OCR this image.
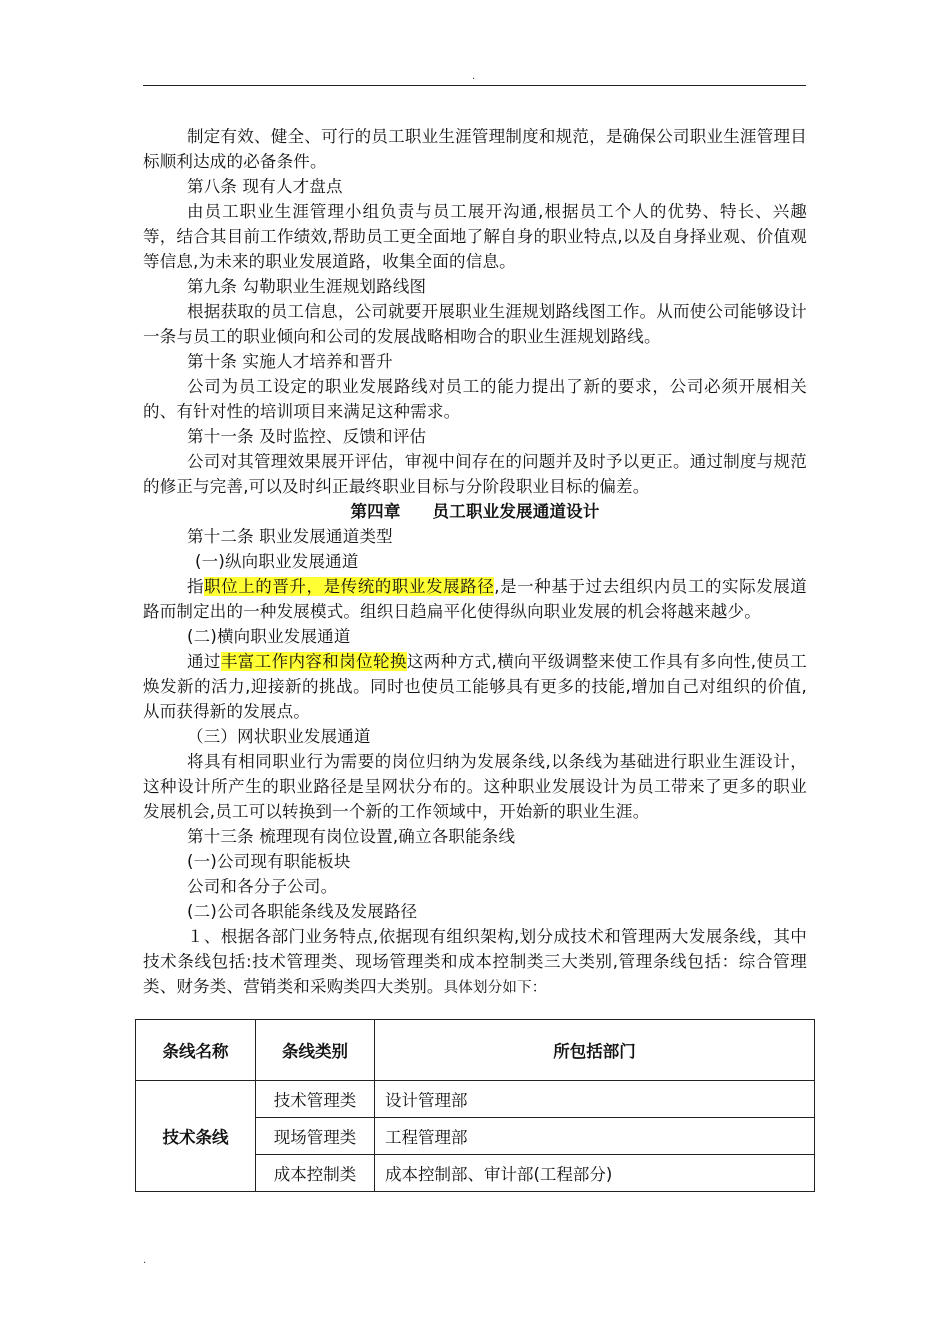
.

制定有效、健全、可行的员工职业生涯管理制度和规范，是确保公司职业生涯管理目标顺利达成的必备条件。

第八条 现有人才盘点

由员工职业生涯管理小组负责与员工展开沟通,根据员工个人的优势、特长、兴趣等，结合其目前工作绩效,帮助员工更全面地了解自身的职业特点,以及自身择业观、价值观等信息,为未来的职业发展道路，收集全面的信息。

第九条 勾勒职业生涯规划路线图

根据获取的员工信息，公司就要开展职业生涯规划路线图工作。从而使公司能够设计一条与员工的职业倾向和公司的发展战略相吻合的职业生涯规划路线。

第十条 实施人才培养和晋升

公司为员工设定的职业发展路线对员工的能力提出了新的要求，公司必须开展相关的、有针对性的培训项目来满足这种需求。

第十一条 及时监控、反馈和评估

公司对其管理效果展开评估，审视中间存在的问题并及时予以更正。通过制度与规范的修正与完善,可以及时纠正最终职业目标与分阶段职业目标的偏差。

第四章 员工职业发展通道设计

第十二条 职业发展通道类型

(一)纵向职业发展通道

指职位上的晋升，是传统的职业发展路径,是一种基于过去组织内员工的实际发展道路而制定出的一种发展模式。组织日趋扁平化使得纵向职业发展的机会将越来越少。

(二)横向职业发展通道

通过丰富工作内容和岗位轮换这两种方式,横向平级调整来使工作具有多向性,使员工焕发新的活力,迎接新的挑战。同时也使员工能够具有更多的技能,增加自己对组织的价值,从而获得新的发展点。

（三）网状职业发展通道

将具有相同职业行为需要的岗位归纳为发展条线,以条线为基础进行职业生涯设计，这种设计所产生的职业路径是呈网状分布的。这种职业发展设计为员工带来了更多的职业发展机会,员工可以转换到一个新的工作领域中，开始新的职业生涯。

第十三条 梳理现有岗位设置,确立各职能条线

(一)公司现有职能板块

公司和各分子公司。

(二)公司各职能条线及发展路径

１、根据各部门业务特点,依据现有组织架构,划分成技术和管理两大发展条线，其中技术条线包括:技术管理类、现场管理类和成本控制类三大类别,管理条线包括：综合管理类、财务类、营销类和采购类四大类别。具体划分如下：

条线名称	条线类别	所包括部门
技术条线	技术管理类	设计管理部
	现场管理类	工程管理部
	成本控制类	成本控制部、审计部(工程部分)
.
